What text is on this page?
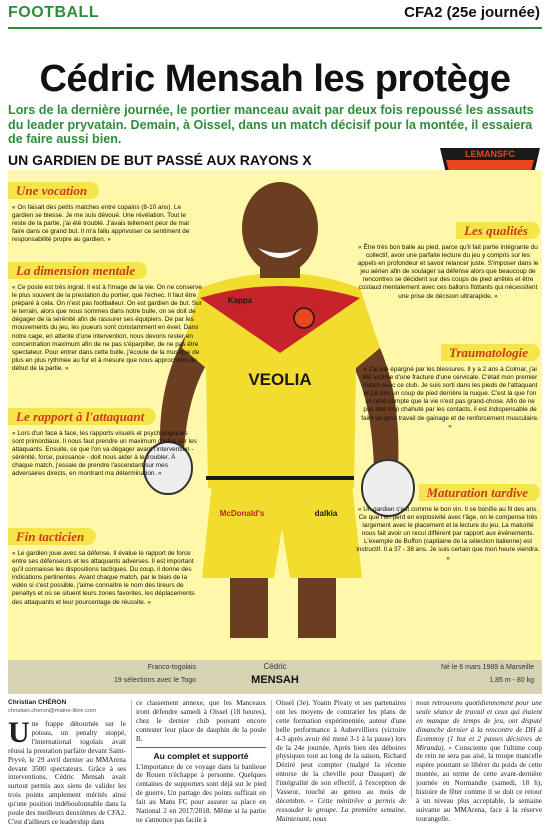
FOOTBALL	CFA2 (25e journée)
Cédric Mensah les protège

Lors de la dernière journée, le portier manceau avait par deux fois repoussé les assauts du leader pryvatain. Demain, à Oissel, dans un match décisif pour la montée, il essaiera de faire aussi bien.

UN GARDIEN DE BUT PASSÉ AUX RAYONS X	LEMANSFC
VEOLIA
Kappa
McDonald's	dalkia
Une vocation

« On faisait des petits matches entre copains (8-10 ans). Le gardien se blesse. Je me suis dévoué. Une révélation. Tout le reste de la partie, j'ai été troublé. J'avais tellement peur de mal faire dans ce grand but. Il m'a fallu apprivoiser ce sentiment de responsabilité propre au gardien. »

La dimension mentale

« Ce poste est très ingrat. Il est à l'image de la vie. On ne conserve le plus souvent de la prestation du portier, que l'échec. Il faut être préparé à cela. On n'est pas footballeur. On est gardien de but. Sur le terrain, alors que nous sommes dans notre bulle, on se doit de dégager de la sérénité afin de rassurer ses équipiers. De par les mouvements du jeu, les joueurs sont constamment en éveil. Dans notre cage, en attente d'une intervention, nous devons rester en concentration maximum afin de ne pas s'éparpiller, de ne pas être spectateur. Pour entrer dans cette bulle, j'écoute de la musique de plus en plus rythmée au fur et à mesure que nous approchons du début de la partie. »

Le rapport à l'attaquant

« Lors d'un face à face, les rapports visuels et psychologiques sont primordiaux. Il nous faut prendre un maximum d'infos sur les attaquants. Ensuite, ce que l'on va dégager avant l'intervention - sérénité, force, puissance - doit nous aider à le troubler. À chaque match, j'essaie de prendre l'ascendant sur mes adversaires directs, en montrant ma détermination. »

Fin tacticien

« Le gardien joue avec sa défense. Il évalue le rapport de force entre ses défenseurs et les attaquants adverses. Il est important qu'il connaisse les dispositions tactiques. Du coup, il donne des indications pertinentes. Avant chaque match, par le biais de la vidéo si c'est possible, j'aime connaître le nom des tireurs de penaltys et où se situent leurs zones favorites, les déplacements des attaquants et leur pourcentage de réussite. »

Les qualités

« Être très bon balle au pied, parce qu'il fait partie intégrante du collectif, avoir une parfaite lecture du jeu y compris sur les appels en profondeur et savoir relancer juste. S'imposer dans le jeu aérien afin de soulager sa défense alors que beaucoup de rencontres se décident sur des coups de pied arrêtés et être costaud mentalement avec ces ballons flottants qui nécessitent une prise de décision ultrarapide. »

Traumatologie

« J'ai été épargné par les blessures. Il y a 2 ans à Colmar, j'ai été victime d'une fracture d'une cervicale. C'était mon premier match avec ce club. Je suis sorti dans les pieds de l'attaquant et j'ai pris un coup de pied derrière la nuque. C'est là que l'on se rend compte que la vie n'est pas grand-chose. Afin de ne pas être trop chahuté par les contacts, il est indispensable de faire un gros travail de gainage et de renforcement musculaire. »

Maturation tardive

« Un gardien c'est comme le bon vin. Il se bonifie au fil des ans. Ce que l'on perd en explosivité avec l'âge, on le compense très largement avec le placement et la lecture du jeu. La maturité nous fait avoir un recul différent par rapport aux événements. L'exemple de Buffon (capitaine de la sélection italienne) est instructif. Il a 37 - 38 ans. Je suis certain que mon heure viendra. »

Franco-togolais
19 sélections avec le Togo
Cédric
MENSAH
Né le 6 mars 1989 à Marseille
1,85 m - 80 kg
Christian CHÉRON
christian.cheron@maine-libre.com

Une frappe détournée sur le poteau, un penalty stoppé, l'international togolais avait réussi la prestation parfaite devant Saint-Pryvé, le 29 avril dernier au MMArena devant 3500 spectateurs. Grâce à ses interventions, Cédric Mensah avait surtout permis aux siens de valider les trois points amplement mérités ainsi qu'une position indéboulonnable dans la poule des meilleurs deuxièmes de CFA2. C'est d'ailleurs ce leadership dans

ce classement annexe, que les Manceaux iront défendre samedi à Oissel (18 heures), chez le dernier club pouvant encore contester leur place de dauphin de la poule B.

Au complet et supporté

L'importance de ce voyage dans la banlieue de Rouen n'échappe à personne. Quelques centaines de supporters sont déjà sur le pied de guerre. Un partage des points suffirait en fait au Mans FC pour assurer sa place en National 2 en 2017/2018. Même si la partie ne s'annonce pas facile à

Oissel (3e). Yoann Pivaty et ses partenaires ont les moyens de contrarier les plans de cette formation expérimentée, auteur d'une belle performance à Aubervilliers (victoire 4-3 après avoir été mené 3-1 à la pause) lors de la 24e journée. Après bien des déboires physiques tout au long de la saison, Richard Déziré peut compter (malgré la récente entorse de la cheville pour Dasquet) de l'intégralité de son effectif, à l'exception de Vasseur, touché au genou au mois de décembre. « Cette minitrêve a permis de ressouder le groupe. La première semaine. Maintenant, nous

nous retrouvons quotidiennement pour une seule séance de travail et ceux qui étaient en manque de temps de jeu, ont disputé dimanche dernier à la rencontre de DH à Écommoy (1 but et 2 passes décisives de Miranda). » Consciente que l'ultime coup de rein ne sera pas aisé, la troupe mancelle espère pourtant se libérer du poids de cette montée, au terme de cette avant-dernière journée en Normandie (samedi, 18 h), histoire de fêter comme il se doit ce retour à un niveau plus acceptable, la semaine suivante au MMArena, face à la réserve tourangelle.
